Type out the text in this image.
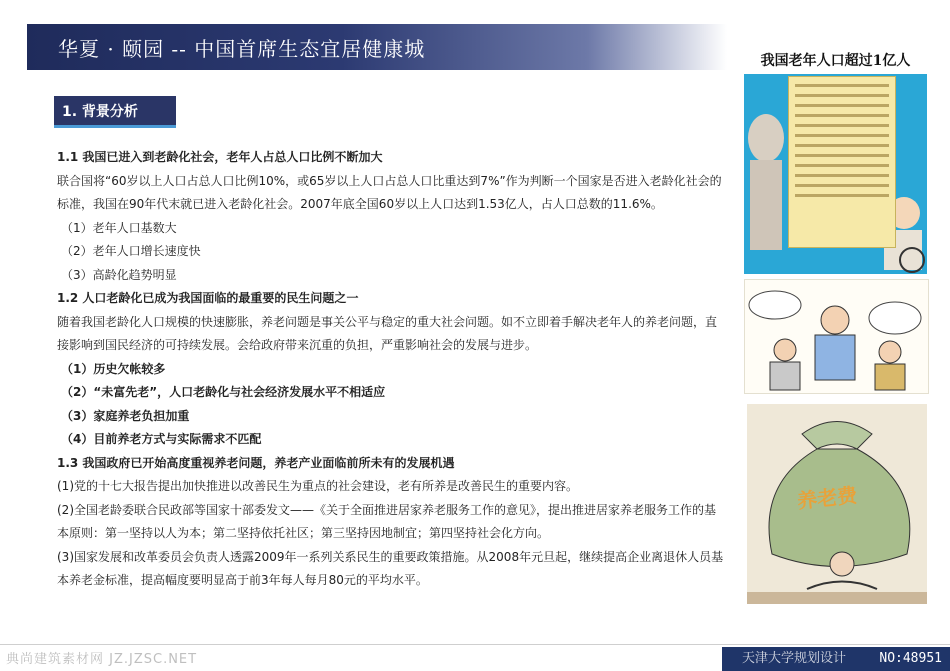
华夏 · 颐园 -- 中国首席生态宜居健康城
1. 背景分析

1.1 我国已进入到老龄化社会，老年人占总人口比例不断加大

联合国将“60岁以上人口占总人口比例10%，或65岁以上人口占总人口比重达到7%”作为判断一个国家是否进入老龄化社会的标准，我国在90年代末就已进入老龄化社会。2007年底全国60岁以上人口达到1.53亿人，占人口总数的11.6%。

（1）老年人口基数大

（2）老年人口增长速度快

（3）高龄化趋势明显

1.2 人口老龄化已成为我国面临的最重要的民生问题之一

随着我国老龄化人口规模的快速膨胀，养老问题是事关公平与稳定的重大社会问题。如不立即着手解决老年人的养老问题，直接影响到国民经济的可持续发展。会给政府带来沉重的负担，严重影响社会的发展与进步。

（1）历史欠帐较多

（2）“未富先老”，人口老龄化与社会经济发展水平不相适应

（3）家庭养老负担加重

（4）目前养老方式与实际需求不匹配

1.3 我国政府已开始高度重视养老问题，养老产业面临前所未有的发展机遇

(1)党的十七大报告提出加快推进以改善民生为重点的社会建设，老有所养是改善民生的重要内容。

(2)全国老龄委联合民政部等国家十部委发文——《关于全面推进居家养老服务工作的意见》，提出推进居家养老服务工作的基本原则：第一坚持以人为本；第二坚持依托社区；第三坚持因地制宜；第四坚持社会化方向。

(3)国家发展和改革委员会负责人透露2009年一系列关系民生的重要政策措施。从2008年元旦起，继续提高企业离退休人员基本养老金标准，提高幅度要明显高于前3年每人每月80元的平均水平。

我国老年人口超过1亿人
养老费
典尚建筑素材网 JZ.JZSC.NET	天津大学规划设计	NO:48951
